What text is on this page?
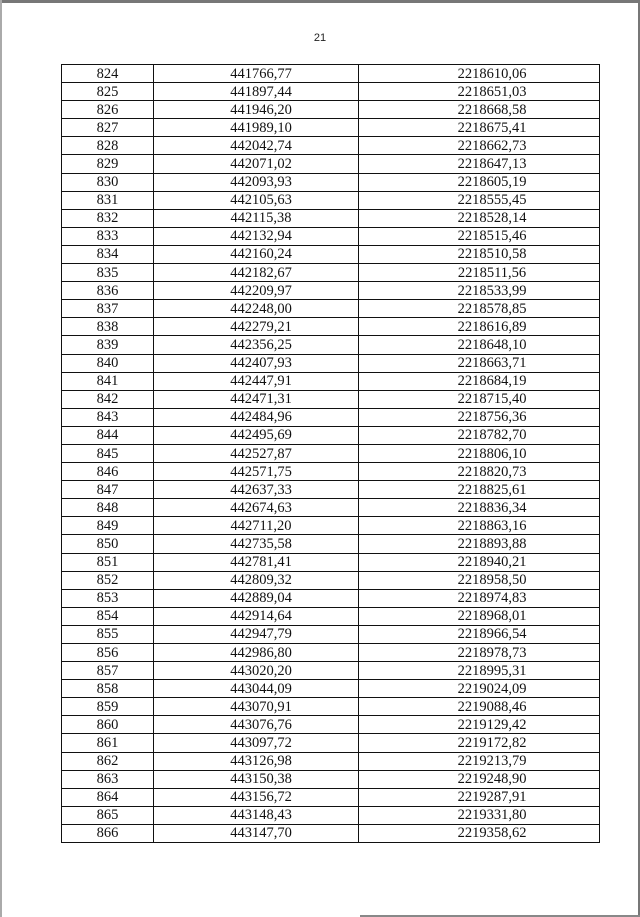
21
824	441766,77	2218610,06
825	441897,44	2218651,03
826	441946,20	2218668,58
827	441989,10	2218675,41
828	442042,74	2218662,73
829	442071,02	2218647,13
830	442093,93	2218605,19
831	442105,63	2218555,45
832	442115,38	2218528,14
833	442132,94	2218515,46
834	442160,24	2218510,58
835	442182,67	2218511,56
836	442209,97	2218533,99
837	442248,00	2218578,85
838	442279,21	2218616,89
839	442356,25	2218648,10
840	442407,93	2218663,71
841	442447,91	2218684,19
842	442471,31	2218715,40
843	442484,96	2218756,36
844	442495,69	2218782,70
845	442527,87	2218806,10
846	442571,75	2218820,73
847	442637,33	2218825,61
848	442674,63	2218836,34
849	442711,20	2218863,16
850	442735,58	2218893,88
851	442781,41	2218940,21
852	442809,32	2218958,50
853	442889,04	2218974,83
854	442914,64	2218968,01
855	442947,79	2218966,54
856	442986,80	2218978,73
857	443020,20	2218995,31
858	443044,09	2219024,09
859	443070,91	2219088,46
860	443076,76	2219129,42
861	443097,72	2219172,82
862	443126,98	2219213,79
863	443150,38	2219248,90
864	443156,72	2219287,91
865	443148,43	2219331,80
866	443147,70	2219358,62
